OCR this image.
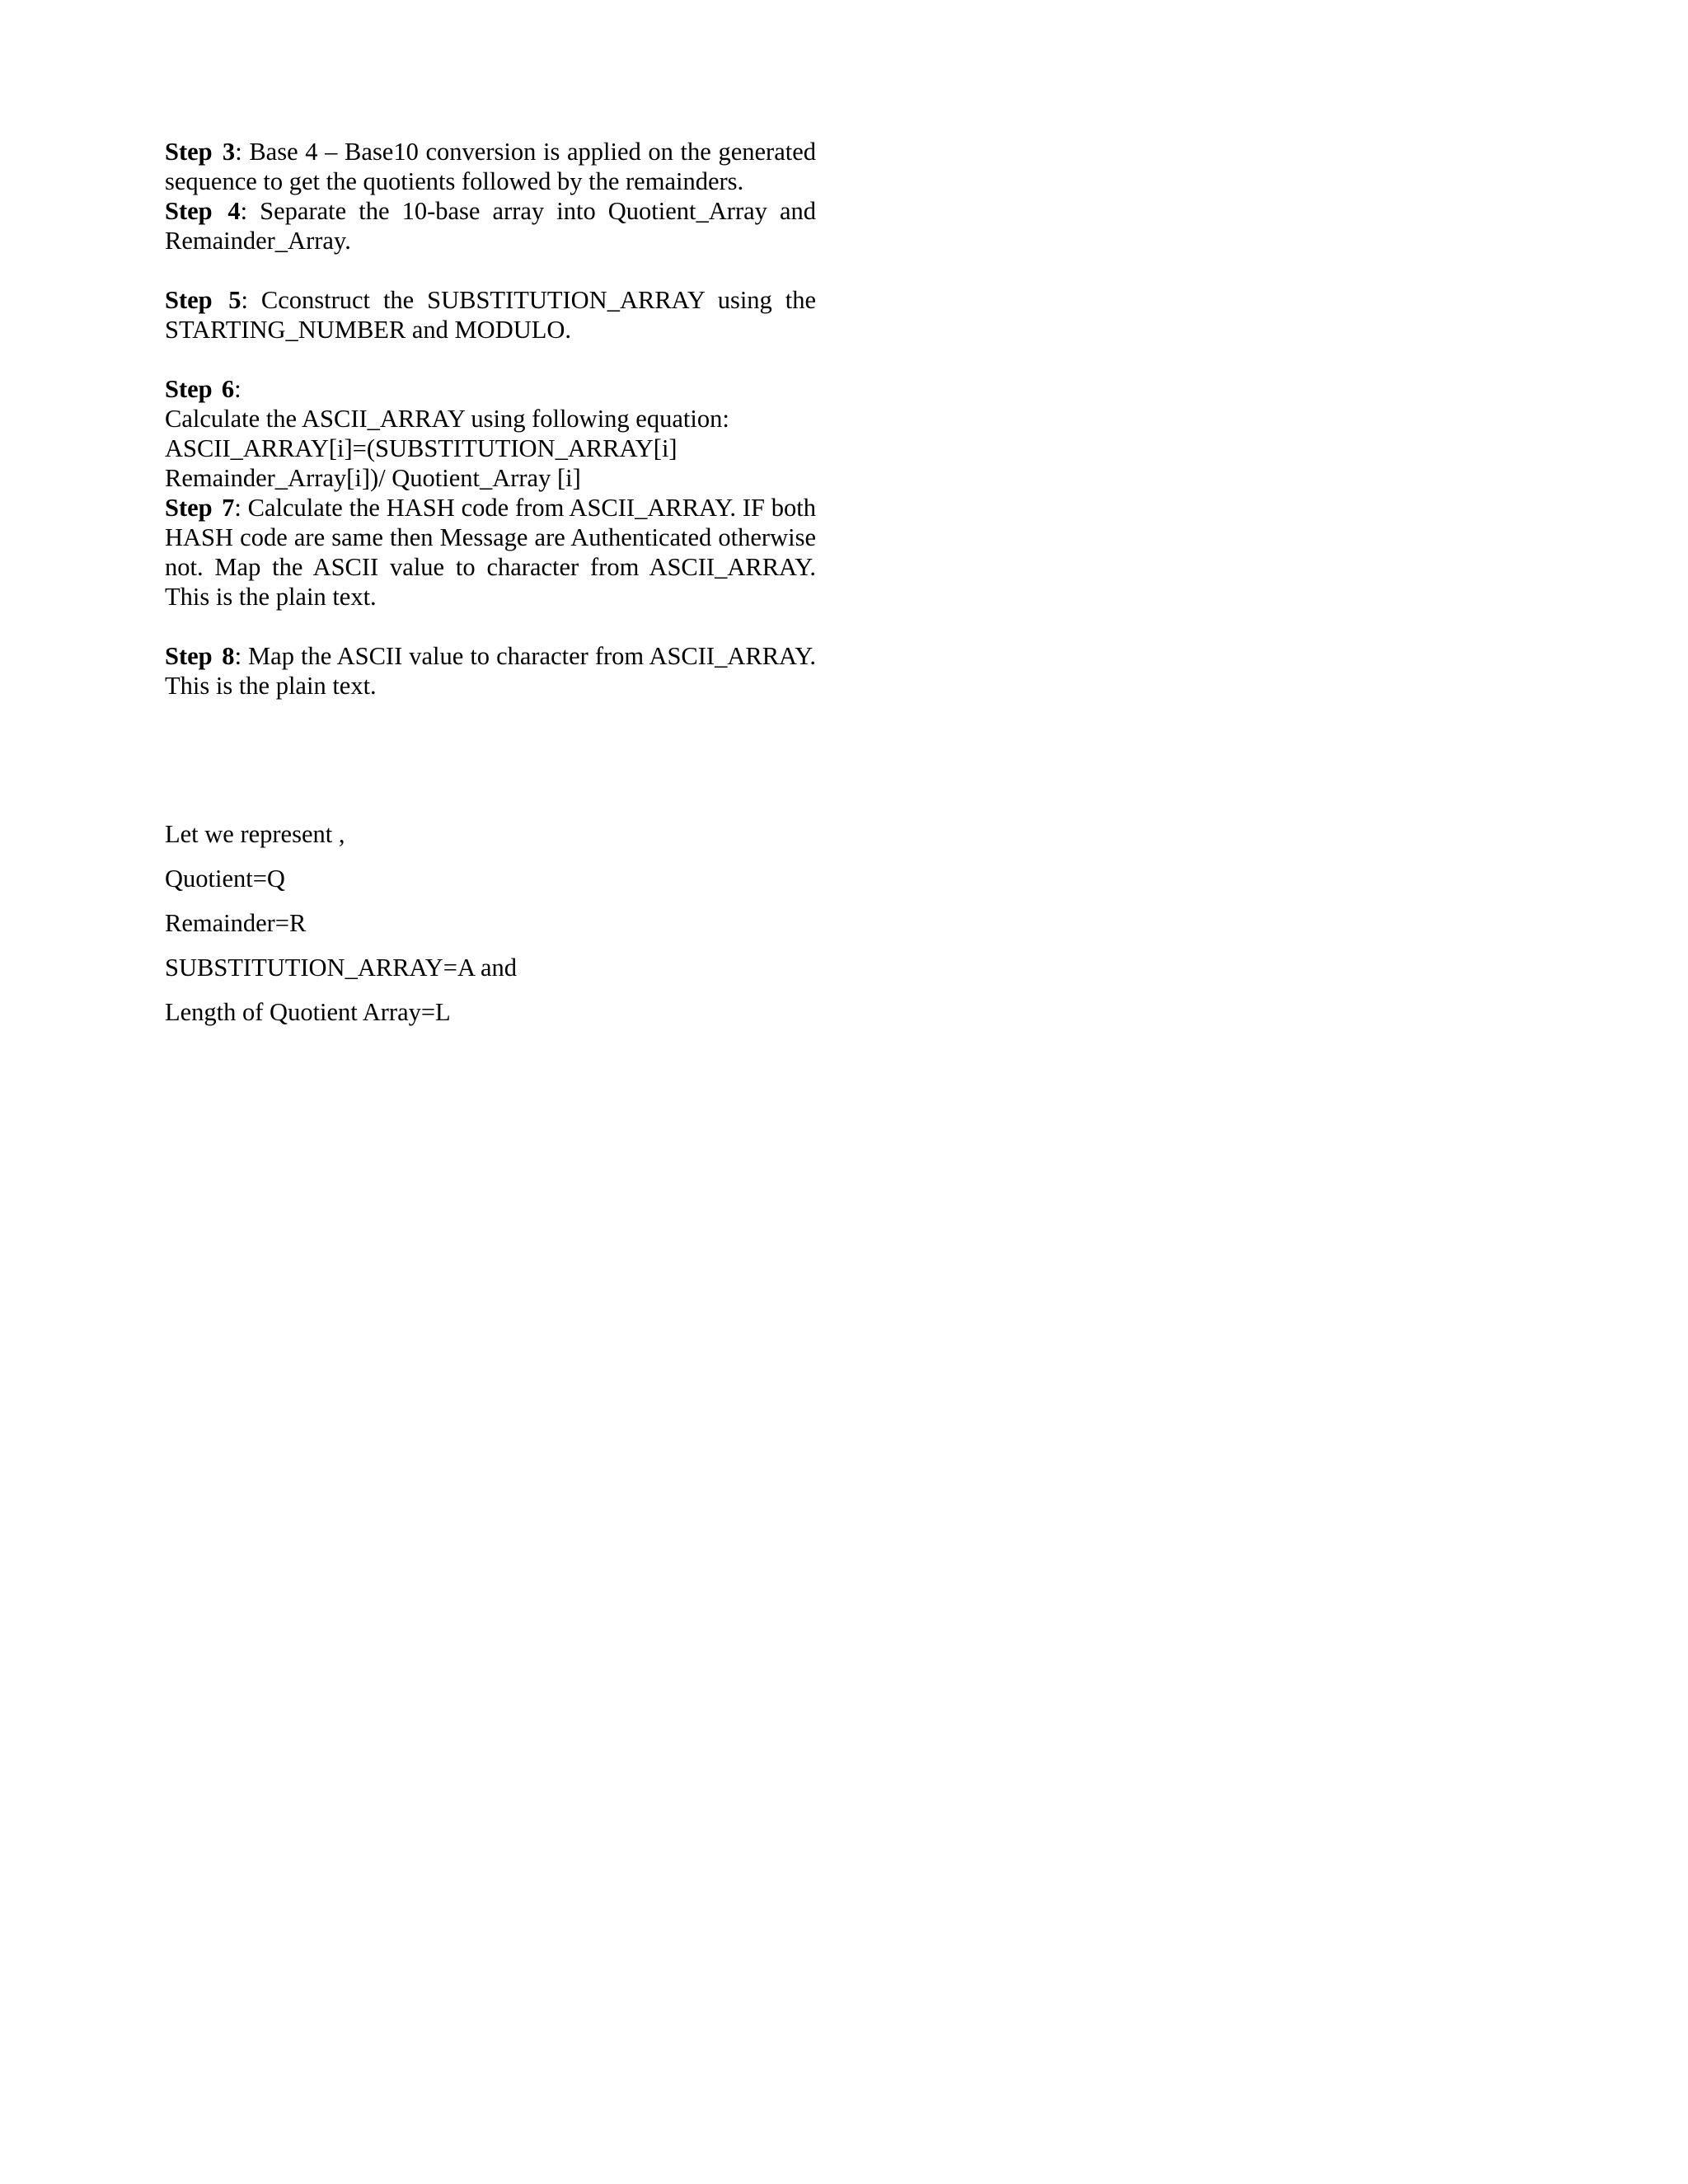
Step 3: Base 4 – Base10 conversion is applied on the generated sequence to get the quotients followed by the remainders.

Step 4: Separate the 10-base array into Quotient_Array and Remainder_Array.

Step 5: Cconstruct the SUBSTITUTION_ARRAY using the STARTING_NUMBER and MODULO.

Step 6:

Calculate the ASCII_ARRAY using following equation:

ASCII_ARRAY[i]=(SUBSTITUTION_ARRAY[i]

Remainder_Array[i])/ Quotient_Array [i]

Step 7: Calculate the HASH code from ASCII_ARRAY. IF both HASH code are same then Message are Authenticated otherwise not. Map the ASCII value to character from ASCII_ARRAY. This is the plain text.

Step 8: Map the ASCII value to character from ASCII_ARRAY. This is the plain text.

Let we represent ,

Quotient=Q

Remainder=R

SUBSTITUTION_ARRAY=A and

Length of Quotient Array=L
